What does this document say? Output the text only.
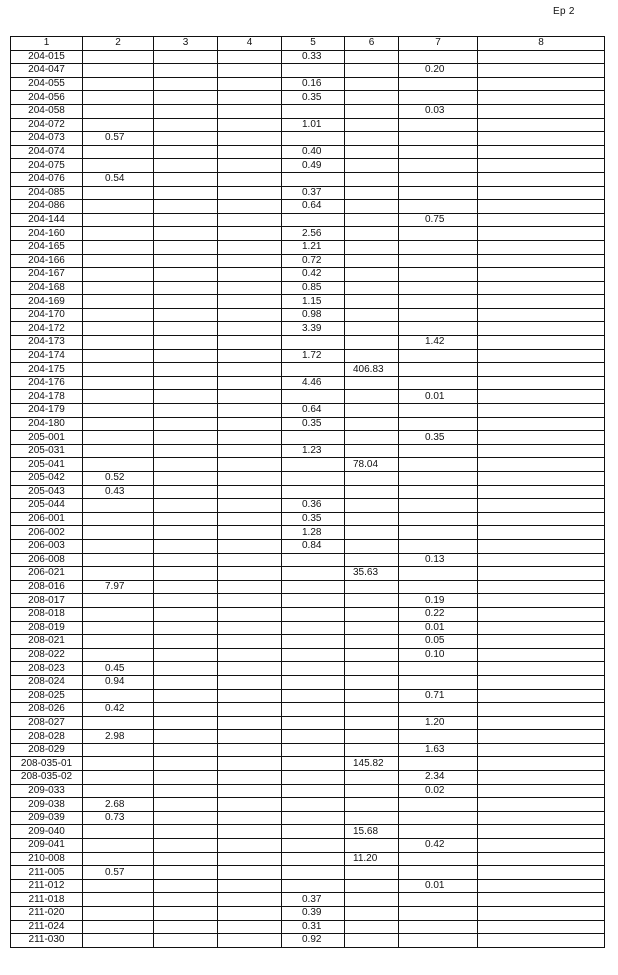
Ep 2
1	2	3	4	5	6	7	8
204-015				0.33			
204-047						0.20	
204-055				0.16			
204-056				0.35			
204-058						0.03	
204-072				1.01			
204-073	0.57						
204-074				0.40			
204-075				0.49			
204-076	0.54						
204-085				0.37			
204-086				0.64			
204-144						0.75	
204-160				2.56			
204-165				1.21			
204-166				0.72			
204-167				0.42			
204-168				0.85			
204-169				1.15			
204-170				0.98			
204-172				3.39			
204-173						1.42	
204-174				1.72			
204-175					406.83		
204-176				4.46			
204-178						0.01	
204-179				0.64			
204-180				0.35			
205-001						0.35	
205-031				1.23			
205-041					78.04		
205-042	0.52						
205-043	0.43						
205-044				0.36			
206-001				0.35			
206-002				1.28			
206-003				0.84			
206-008						0.13	
206-021					35.63		
208-016	7.97						
208-017						0.19	
208-018						0.22	
208-019						0.01	
208-021						0.05	
208-022						0.10	
208-023	0.45						
208-024	0.94						
208-025						0.71	
208-026	0.42						
208-027						1.20	
208-028	2.98						
208-029						1.63	
208-035-01					145.82		
208-035-02						2.34	
209-033						0.02	
209-038	2.68						
209-039	0.73						
209-040					15.68		
209-041						0.42	
210-008					11.20		
211-005	0.57						
211-012						0.01	
211-018				0.37			
211-020				0.39			
211-024				0.31			
211-030				0.92			
